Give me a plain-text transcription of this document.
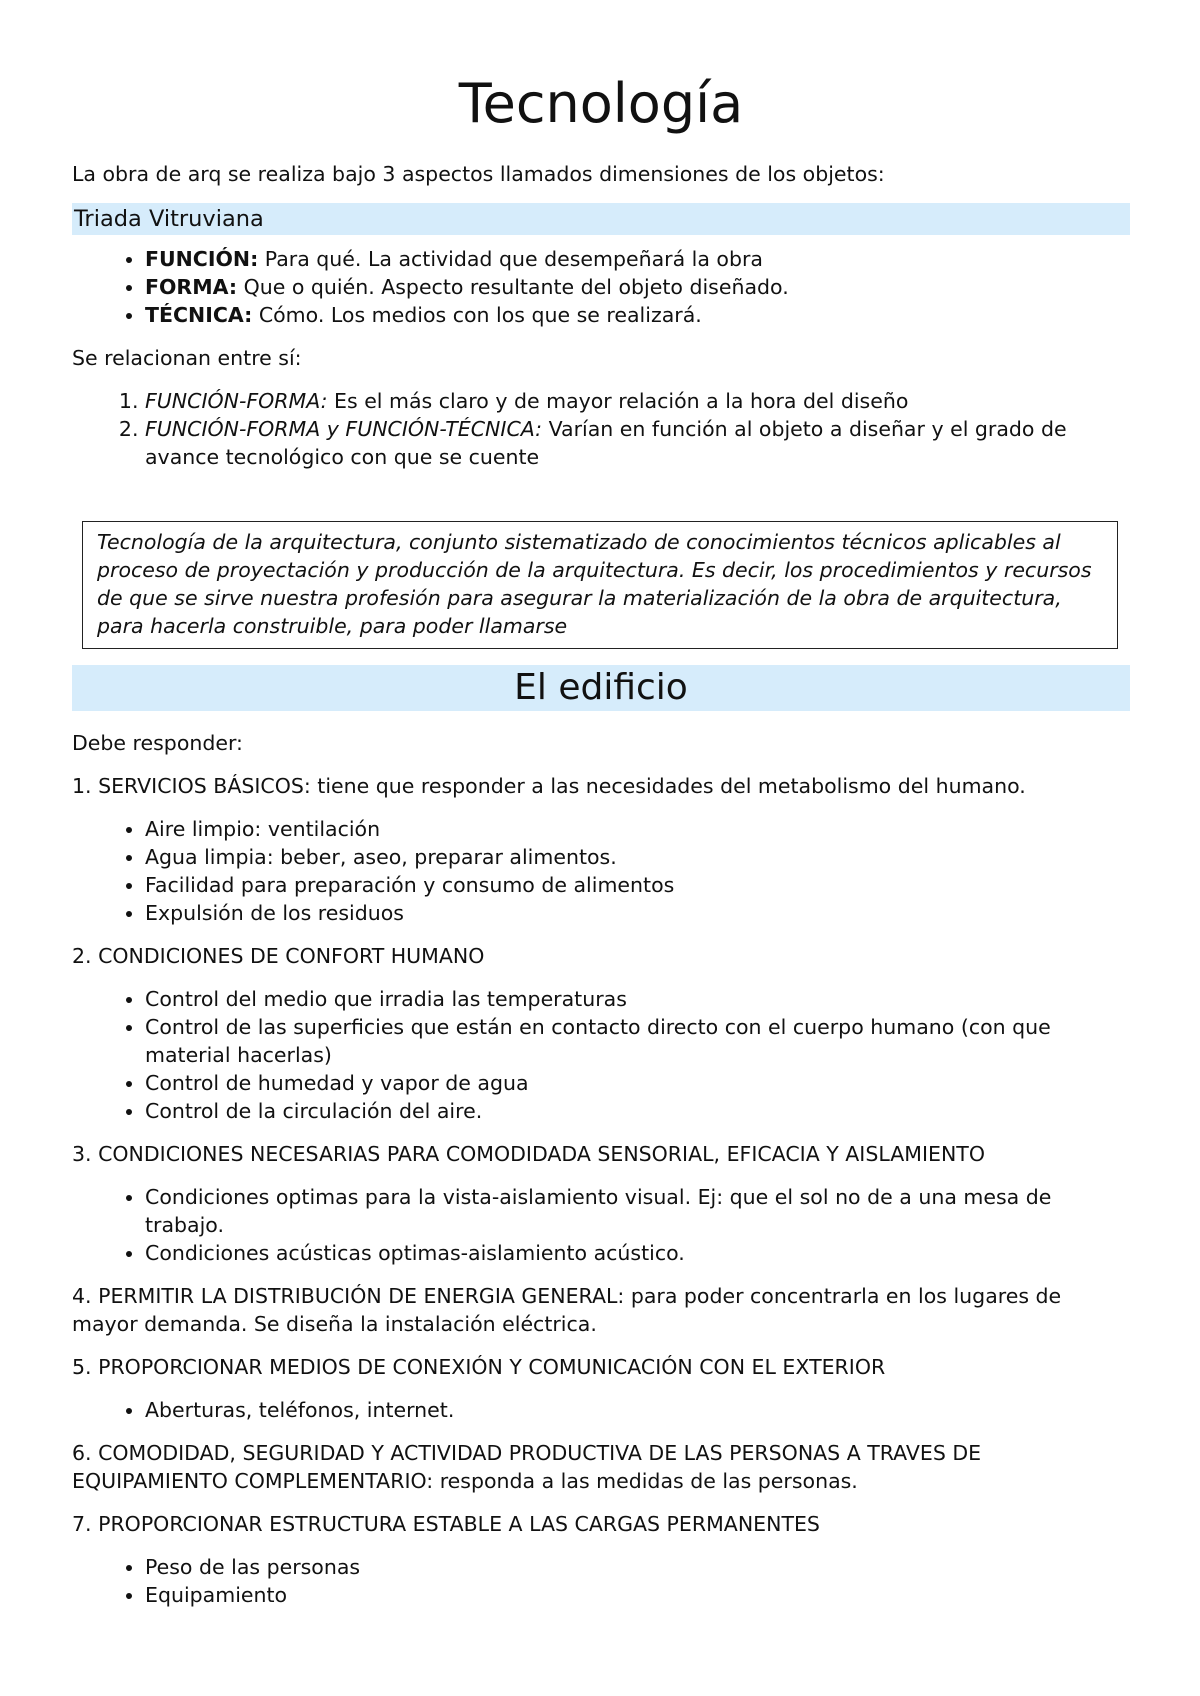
Tecnología

La obra de arq se realiza bajo 3 aspectos llamados dimensiones de los objetos:

Triada Vitruviana
• FUNCIÓN: Para qué. La actividad que desempeñará la obra
• FORMA: Que o quién. Aspecto resultante del objeto diseñado.
• TÉCNICA: Cómo. Los medios con los que se realizará.

Se relacionan entre sí:

1. FUNCIÓN-FORMA: Es el más claro y de mayor relación a la hora del diseño
2. FUNCIÓN-FORMA y FUNCIÓN-TÉCNICA: Varían en función al objeto a diseñar y el grado de avance tecnológico con que se cuente
Tecnología de la arquitectura, conjunto sistematizado de conocimientos técnicos aplicables al proceso de proyectación y producción de la arquitectura. Es decir, los procedimientos y recursos de que se sirve nuestra profesión para asegurar la materialización de la obra de arquitectura, para hacerla construible, para poder llamarse
El edificio

Debe responder:

1. SERVICIOS BÁSICOS: tiene que responder a las necesidades del metabolismo del humano.

• Aire limpio: ventilación
• Agua limpia: beber, aseo, preparar alimentos.
• Facilidad para preparación y consumo de alimentos
• Expulsión de los residuos

2. CONDICIONES DE CONFORT HUMANO

• Control del medio que irradia las temperaturas
• Control de las superficies que están en contacto directo con el cuerpo humano (con que material hacerlas)
• Control de humedad y vapor de agua
• Control de la circulación del aire.

3. CONDICIONES NECESARIAS PARA COMODIDADA SENSORIAL, EFICACIA Y AISLAMIENTO

• Condiciones optimas para la vista-aislamiento visual. Ej: que el sol no de a una mesa de trabajo.
• Condiciones acústicas optimas-aislamiento acústico.

4. PERMITIR LA DISTRIBUCIÓN DE ENERGIA GENERAL: para poder concentrarla en los lugares de mayor demanda. Se diseña la instalación eléctrica.

5. PROPORCIONAR MEDIOS DE CONEXIÓN Y COMUNICACIÓN CON EL EXTERIOR

• Aberturas, teléfonos, internet.

6. COMODIDAD, SEGURIDAD Y ACTIVIDAD PRODUCTIVA DE LAS PERSONAS A TRAVES DE EQUIPAMIENTO COMPLEMENTARIO: responda a las medidas de las personas.

7. PROPORCIONAR ESTRUCTURA ESTABLE A LAS CARGAS PERMANENTES

• Peso de las personas
• Equipamiento
